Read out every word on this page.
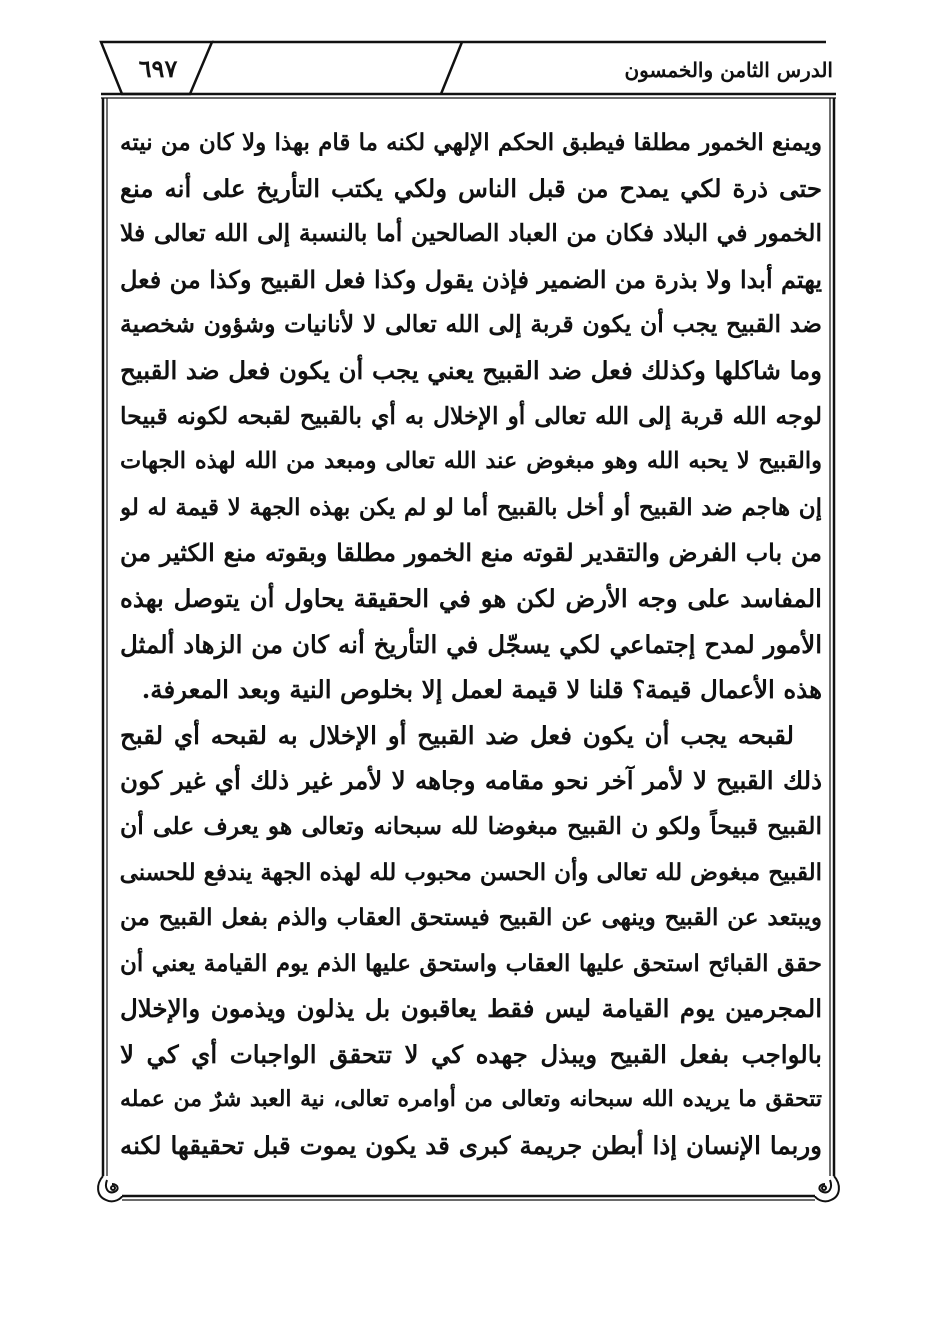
الدرس الثامن والخمسون
٦٩٧
ويمنع الخمور مطلقا فيطبق الحكم الإلهي لكنه ما قام بهذا ولا كان من نيته
حتى ذرة لكي يمدح من قبل الناس ولكي يكتب التأريخ على أنه منع
الخمور في البلاد فكان من العباد الصالحين أما بالنسبة إلى الله تعالى فلا
يهتم أبدا ولا بذرة من الضمير فإذن يقول وكذا فعل القبيح وكذا من فعل
ضد القبيح يجب أن يكون قربة إلى الله تعالى لا لأنانيات وشؤون شخصية
وما شاكلها وكذلك فعل ضد القبيح يعني يجب أن يكون فعل ضد القبيح
لوجه الله قربة إلى الله تعالى أو الإخلال به أي بالقبيح لقبحه لكونه قبيحا
والقبيح لا يحبه الله وهو مبغوض عند الله تعالى ومبعد من الله لهذه الجهات
إن هاجم ضد القبيح أو أخل بالقبيح أما لو لم يكن بهذه الجهة لا قيمة له لو
من باب الفرض والتقدير لقوته منع الخمور مطلقا وبقوته منع الكثير من
المفاسد على وجه الأرض لكن هو في الحقيقة يحاول أن يتوصل بهذه
الأمور لمدح إجتماعي لكي يسجّل في التأريخ أنه كان من الزهاد ألمثل
هذه الأعمال قيمة؟ قلنا لا قيمة لعمل إلا بخلوص النية وبعد المعرفة.
لقبحه يجب أن يكون فعل ضد القبيح أو الإخلال به لقبحه أي لقبح
ذلك القبيح لا لأمر آخر نحو مقامه وجاهه لا لأمر غير ذلك أي غير كون
القبيح قبيحاً ولكو ن القبيح مبغوضا لله سبحانه وتعالى هو يعرف على أن
القبيح مبغوض لله تعالى وأن الحسن محبوب لله لهذه الجهة يندفع للحسنى
ويبتعد عن القبيح وينهى عن القبيح فيستحق العقاب والذم بفعل القبيح من
حقق القبائح استحق عليها العقاب واستحق عليها الذم يوم القيامة يعني أن
المجرمين يوم القيامة ليس فقط يعاقبون بل يذلون ويذمون والإخلال
بالواجب بفعل القبيح ويبذل جهده كي لا تتحقق الواجبات أي كي لا
تتحقق ما يريده الله سبحانه وتعالى من أوامره تعالى، نية العبد شرٌ من عمله
وربما الإنسان إذا أبطن جريمة كبرى قد يكون يموت قبل تحقيقها لكنه
